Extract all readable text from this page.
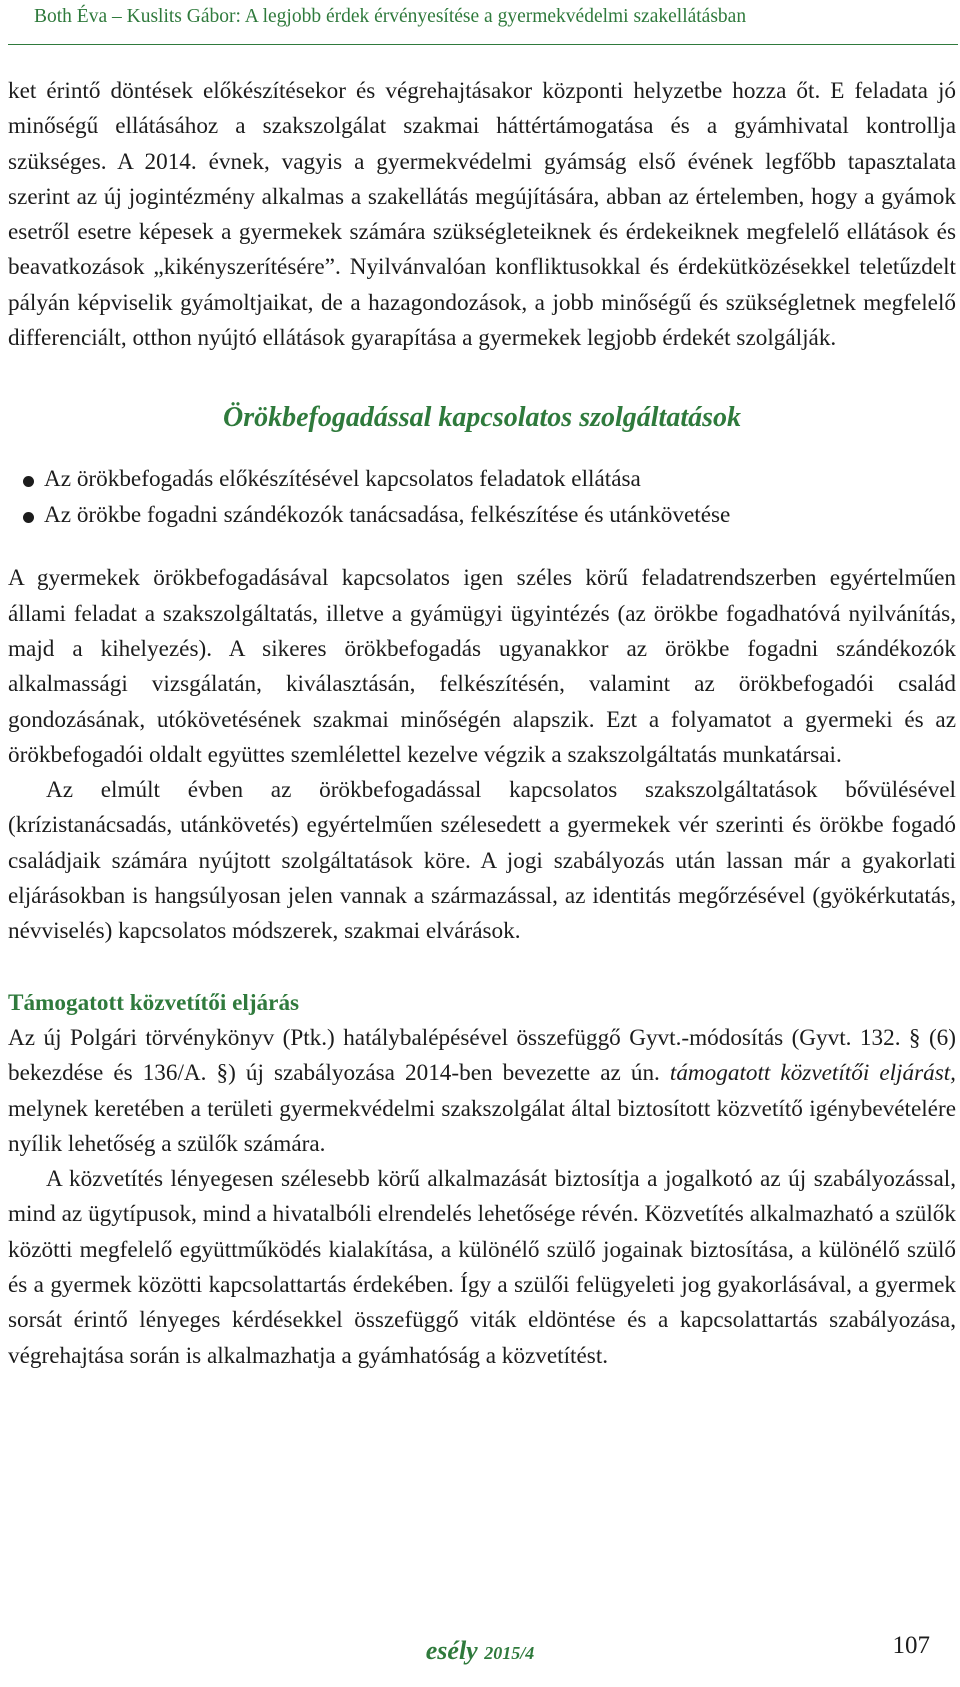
Both Éva – Kuslits Gábor: A legjobb érdek érvényesítése a gyermekvédelmi szakellátásban

ket érintő döntések előkészítésekor és végrehajtásakor központi helyzetbe hozza őt. E feladata jó minőségű ellátásához a szakszolgálat szakmai háttértámogatása és a gyámhivatal kontrollja szükséges. A 2014. évnek, vagyis a gyermekvédelmi gyámság első évének legfőbb tapasztalata szerint az új jogintézmény alkalmas a szakellátás megújítására, abban az értelemben, hogy a gyámok esetről esetre képesek a gyermekek számára szükségleteiknek és érdekeiknek megfelelő ellátások és beavatkozások „kikényszerítésére”. Nyilvánvalóan konfliktusokkal és érdekütközésekkel teletűzdelt pályán képviselik gyámoltjaikat, de a hazagondozások, a jobb minőségű és szükségletnek megfelelő differenciált, otthon nyújtó ellátások gyarapítása a gyermekek legjobb érdekét szolgálják.

Örökbefogadással kapcsolatos szolgáltatások
Az örökbefogadás előkészítésével kapcsolatos feladatok ellátása
Az örökbe fogadni szándékozók tanácsadása, felkészítése és utánkövetése

A gyermekek örökbefogadásával kapcsolatos igen széles körű feladatrendszerben egyértelműen állami feladat a szakszolgáltatás, illetve a gyámügyi ügyintézés (az örökbe fogadhatóvá nyilvánítás, majd a kihelyezés). A sikeres örökbefogadás ugyanakkor az örökbe fogadni szándékozók alkalmassági vizsgálatán, kiválasztásán, felkészítésén, valamint az örökbefogadói család gondozásának, utókövetésének szakmai minőségén alapszik. Ezt a folyamatot a gyermeki és az örökbefogadói oldalt együttes szemlélettel kezelve végzik a szakszolgáltatás munkatársai.

Az elmúlt évben az örökbefogadással kapcsolatos szakszolgáltatások bővülésével (krízistanácsadás, utánkövetés) egyértelműen szélesedett a gyermekek vér szerinti és örökbe fogadó családjaik számára nyújtott szolgáltatások köre. A jogi szabályozás után lassan már a gyakorlati eljárásokban is hangsúlyosan jelen vannak a származással, az identitás megőrzésével (gyökérkutatás, névviselés) kapcsolatos módszerek, szakmai elvárások.

Támogatott közvetítői eljárás

Az új Polgári törvénykönyv (Ptk.) hatálybalépésével összefüggő Gyvt.-módosítás (Gyvt. 132. § (6) bekezdése és 136/A. §) új szabályozása 2014-ben bevezette az ún. támogatott közvetítői eljárást, melynek keretében a területi gyermekvédelmi szakszolgálat által biztosított közvetítő igénybevételére nyílik lehetőség a szülők számára.

A közvetítés lényegesen szélesebb körű alkalmazását biztosítja a jogalkotó az új szabályozással, mind az ügytípusok, mind a hivatalbóli elrendelés lehetősége révén. Közvetítés alkalmazható a szülők közötti megfelelő együttműködés kialakítása, a különélő szülő jogainak biztosítása, a különélő szülő és a gyermek közötti kapcsolattartás érdekében. Így a szülői felügyeleti jog gyakorlásával, a gyermek sorsát érintő lényeges kérdésekkel összefüggő viták eldöntése és a kapcsolattartás szabályozása, végrehajtása során is alkalmazhatja a gyámhatóság a közvetítést.

esély 2015/4	107
